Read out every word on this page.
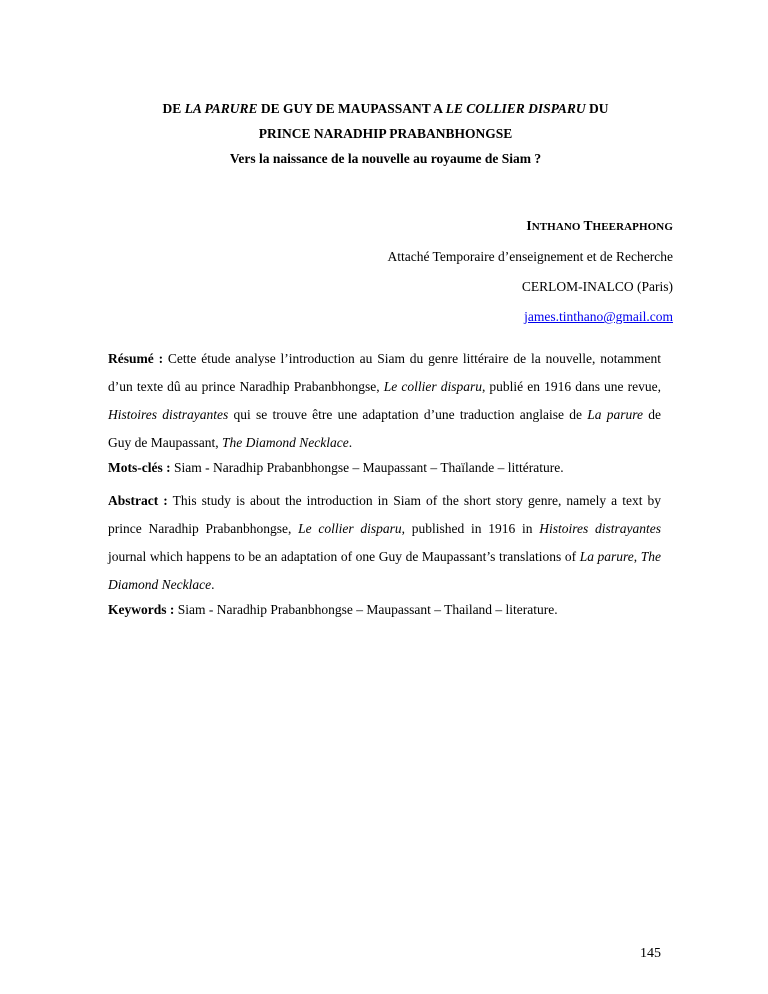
DE LA PARURE DE GUY DE MAUPASSANT A LE COLLIER DISPARU DU
PRINCE NARADHIP PRABANBHONGSE
Vers la naissance de la nouvelle au royaume de Siam ?
INTHANO THEERAPHONG
Attaché Temporaire d’enseignement et de Recherche
CERLOM-INALCO (Paris)
james.tinthano@gmail.com

Résumé : Cette étude analyse l’introduction au Siam du genre littéraire de la nouvelle, notamment d’un texte dû au prince Naradhip Prabanbhongse, Le collier disparu, publié en 1916 dans une revue, Histoires distrayantes qui se trouve être une adaptation d’une traduction anglaise de La parure de Guy de Maupassant, The Diamond Necklace.

Mots-clés : Siam - Naradhip Prabanbhongse – Maupassant – Thaïlande – littérature.

Abstract : This study is about the introduction in Siam of the short story genre, namely a text by prince Naradhip Prabanbhongse, Le collier disparu, published in 1916 in Histoires distrayantes journal which happens to be an adaptation of one Guy de Maupassant’s translations of La parure, The Diamond Necklace.

Keywords : Siam - Naradhip Prabanbhongse – Maupassant – Thailand – literature.

145
